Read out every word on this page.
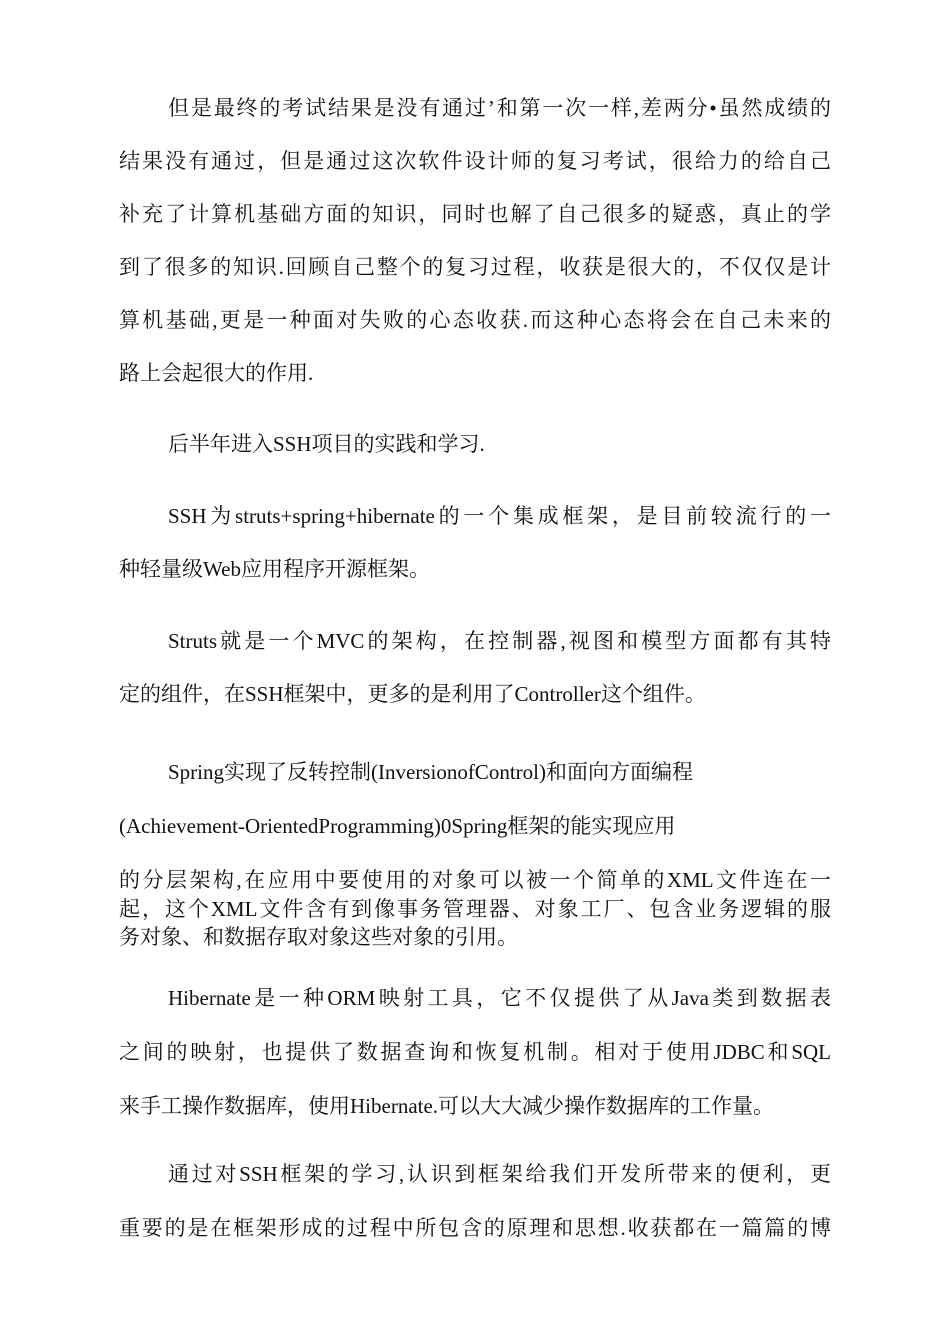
但是最终的考试结果是没有通过’和第一次一样,差两分•虽然成绩的
结果没有通过，但是通过这次软件设计师的复习考试，很给力的给自己
补充了计算机基础方面的知识，同时也解了自己很多的疑惑，真止的学
到了很多的知识.回顾自己整个的复习过程，收获是很大的，不仅仅是计
算机基础,更是一种面对失败的心态收获.而这种心态将会在自己未来的
路上会起很大的作用.
后半年进入SSH项目的实践和学习.
SSH为struts+spring+hibernate的一个集成框架，是目前较流行的一
种轻量级Web应用程序开源框架。
Struts就是一个MVC的架构，在控制器,视图和模型方面都有其特
定的组件，在SSH框架中，更多的是利用了Controller这个组件。
Spring实现了反转控制(InversionofControl)和面向方面编程
(Achievement-OrientedProgramming)0Spring框架的能实现应用
的分层架构,在应用中要使用的对象可以被一个简单的XML文件连在一
起，这个XML文件含有到像事务管理器、对象工厂、包含业务逻辑的服
务对象、和数据存取对象这些对象的引用。
Hibernate是一种ORM映射工具，它不仅提供了从Java类到数据表
之间的映射，也提供了数据查询和恢复机制。相对于使用JDBC和SQL
来手工操作数据库，使用Hibernate.可以大大减少操作数据库的工作量。
通过对SSH框架的学习,认识到框架给我们开发所带来的便利，更
重要的是在框架形成的过程中所包含的原理和思想.收获都在一篇篇的博
